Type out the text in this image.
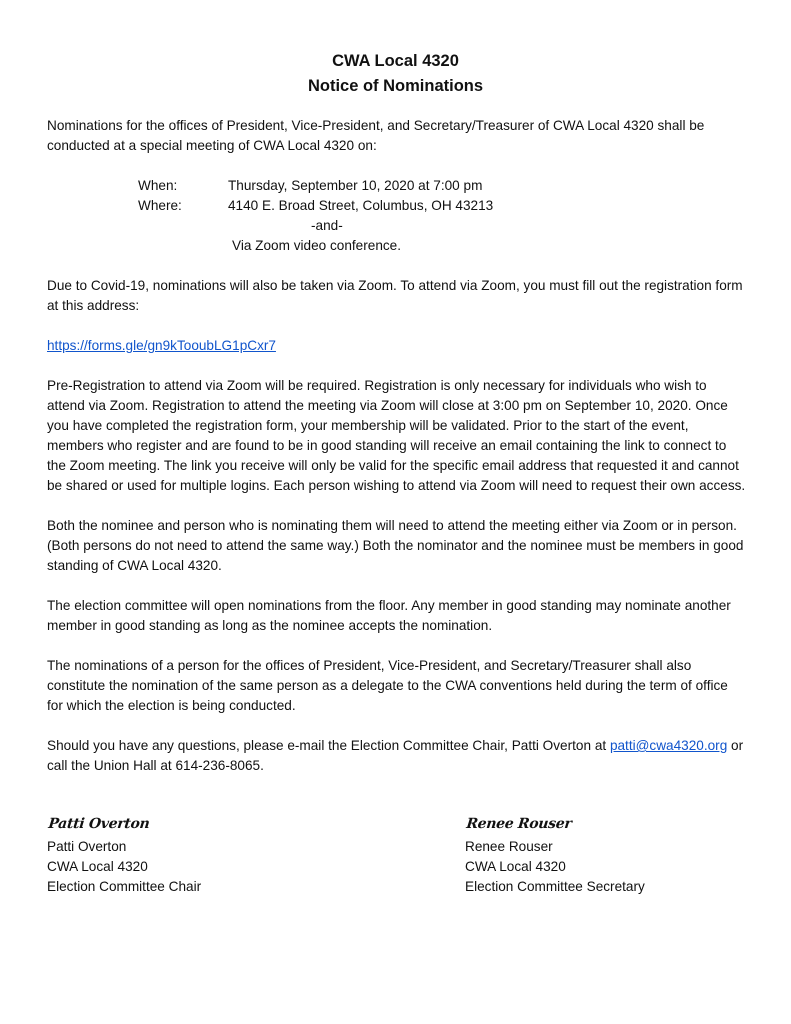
CWA Local 4320
Notice of Nominations

Nominations for the offices of President, Vice-President, and Secretary/Treasurer of CWA Local 4320 shall be conducted at a special meeting of CWA Local 4320 on:

When:	Thursday, September 10, 2020 at 7:00 pm
Where:	4140 E. Broad Street, Columbus, OH 43213
-and-
Via Zoom video conference.

Due to Covid-19, nominations will also be taken via Zoom. To attend via Zoom, you must fill out the registration form at this address:

https://forms.gle/gn9kTooubLG1pCxr7

Pre-Registration to attend via Zoom will be required. Registration is only necessary for individuals who wish to attend via Zoom. Registration to attend the meeting via Zoom will close at 3:00 pm on September 10, 2020. Once you have completed the registration form, your membership will be validated. Prior to the start of the event, members who register and are found to be in good standing will receive an email containing the link to connect to the Zoom meeting. The link you receive will only be valid for the specific email address that requested it and cannot be shared or used for multiple logins. Each person wishing to attend via Zoom will need to request their own access.

Both the nominee and person who is nominating them will need to attend the meeting either via Zoom or in person. (Both persons do not need to attend the same way.) Both the nominator and the nominee must be members in good standing of CWA Local 4320.

The election committee will open nominations from the floor. Any member in good standing may nominate another member in good standing as long as the nominee accepts the nomination.

The nominations of a person for the offices of President, Vice-President, and Secretary/Treasurer shall also constitute the nomination of the same person as a delegate to the CWA conventions held during the term of office for which the election is being conducted.

Should you have any questions, please e-mail the Election Committee Chair, Patti Overton at patti@cwa4320.org or call the Union Hall at 614-236-8065.

Patti Overton
Patti Overton
CWA Local 4320
Election Committee Chair
Renee Rouser
Renee Rouser
CWA Local 4320
Election Committee Secretary
